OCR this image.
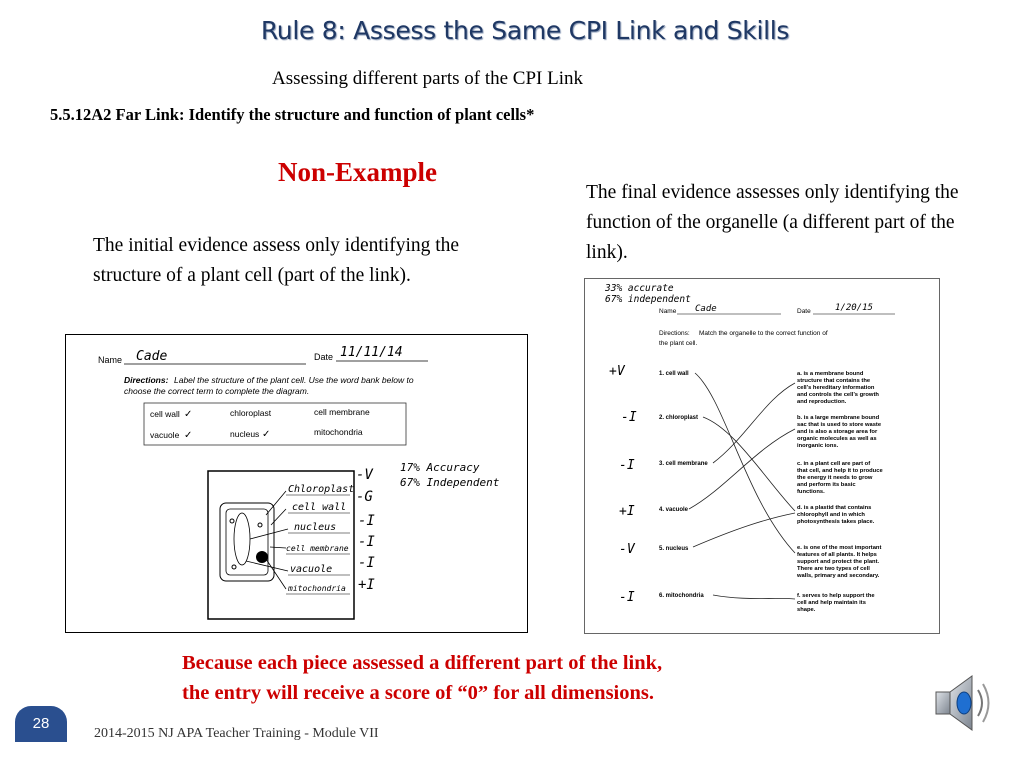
Rule 8: Assess the Same CPI Link and Skills
Assessing different parts of the CPI Link
5.5.12A2 Far Link: Identify the structure and function of plant cells*
Non-Example
The initial evidence assess only identifying the structure of a plant cell (part of the link).
The final evidence assesses only identifying the function of the organelle (a different part of the link).
Name Cade	Date 11/11/14
Directions: Label the structure of the plant cell. Use the word bank below to
choose the correct term to complete the diagram.
cell wall	chloroplast	cell membrane
vacuole	nucleus	mitochondria
✓
✓	✓
17% Accuracy
67% Independent
Chloroplast
cell wall
nucleus
cell membrane
vacuole
mitochondria
-V
-G
-I
-I
-I
+I
33% accurate
67% independent
Name Cade	Date	1/20/15
Directions: Match the organelle to the correct function of
the plant cell.
+V
-I
-I
+I
-V
-I
1. cell wall
2. chloroplast
3. cell membrane
4. vacuole
5. nucleus
6. mitochondria
a. is a membrane bound structure that contains the cell’s hereditary information and controls the cell’s growth and reproduction.
b. is a large membrane bound sac that is used to store waste and is also a storage area for organic molecules as well as inorganic ions.
c. in a plant cell are part of that cell, and help it to produce the energy it needs to grow and perform its basic functions.
d. is a plastid that contains chlorophyll and in which photosynthesis takes place.
e. is one of the most important features of all plants. It helps support and protect the plant. There are two types of cell walls, primary and secondary.
f. serves to help support the cell and help maintain its shape.
Because each piece assessed a different part of the link,
the entry will receive a score of “0” for all dimensions.
28
2014-2015 NJ APA Teacher Training - Module VII
